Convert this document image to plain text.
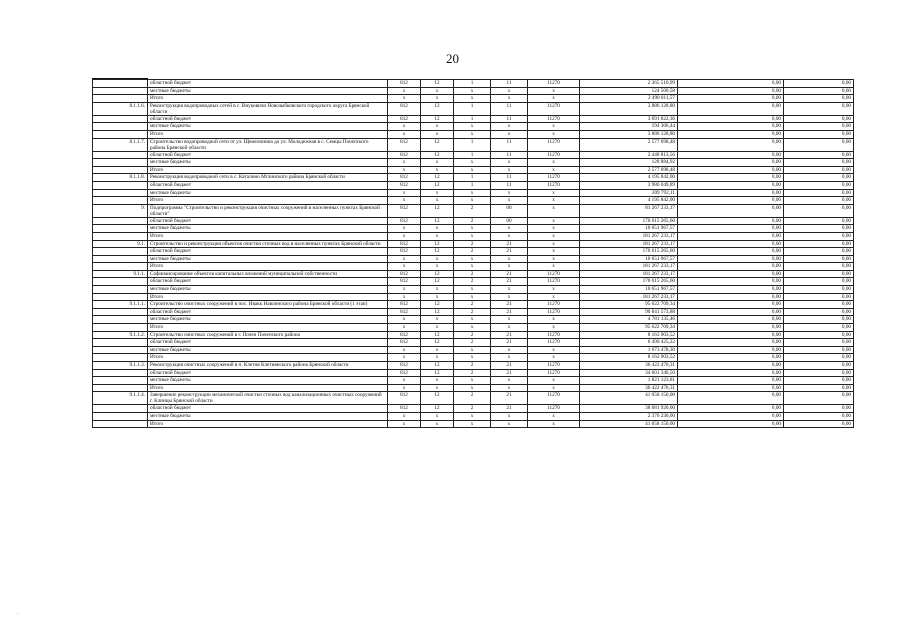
20
	областной бюджет	812	12	1	11	11270	2 365 510,99	0,00	0,00
	местные бюджеты	x	x	x	x	x	124 500,58	0,00	0,00
	Итого	x	x	x	x	x	2 490 011,57	0,00	0,00
8.1.1.6.	Реконструкция водопроводных сетей в с. Внуковичи Новозыбковского городского округа Брянской области	812	12	1	11	11270	3 886 128,80	0,00	0,00
	областной бюджет	812	12	1	11	11270	3 691 822,36	0,00	0,00
	местные бюджеты	x	x	x	x	x	194 306,44	0,00	0,00
	Итого	x	x	x	x	x	3 886 128,80	0,00	0,00
8.1.1.7.	Строительство водопроводной сети от ул. Щемелинина до ул. Молодежная в с. Семцы Почепского района Брянской области	812	12	1	11	11270	2 577 698,48	0,00	0,00
	областной бюджет	812	12	1	11	11270	2 448 813,56	0,00	0,00
	местные бюджеты	x	x	x	x	x	128 884,92	0,00	0,00
	Итого	x	x	x	x	x	2 577 698,48	0,00	0,00
8.1.1.8.	Реконструкция водопроводной сети в с. Каталино Мглинского района Брянской области	812	12	1	11	11270	4 195 842,00	0,00	0,00
	областной бюджет	812	12	1	11	11270	3 986 049,89	0,00	0,00
	местные бюджеты	x	x	x	x	x	209 792,11	0,00	0,00
	Итого	x	x	x	x	x	4 195 842,00	0,00	0,00
9.	Подпрограмма "Строительство и реконструкция очистных сооружений в населенных пунктах Брянской области"	812	12	2	00	x	81 267 233,17	0,00	0,00
	областной бюджет	812	12	2	00	x	170 615 265,60	0,00	0,00
	местные бюджеты	x	x	x	x	x	10 651 967,57	0,00	0,00
	Итого	x	x	x	x	x	181 267 233,17	0,00	0,00
9.1.	Строительство и реконструкция объектов очистки сточных вод в населенных пунктах Брянской области	812	12	2	21	x	181 267 233,17	0,00	0,00
	областной бюджет	812	12	2	21	x	170 615 265,60	0,00	0,00
	местные бюджеты	x	x	x	x	x	10 651 967,57	0,00	0,00
	Итого	x	x	x	x	x	181 267 233,17	0,00	0,00
9.1.1.	Софинансирование объектов капитальных вложений муниципальной собственности	812	12	2	21	11270	181 267 233,17	0,00	0,00
	областной бюджет	812	12	2	21	11270	170 615 265,60	0,00	0,00
	местные бюджеты	x	x	x	x	x	10 651 967,57	0,00	0,00
	Итого	x	x	x	x	x	181 267 233,17	0,00	0,00
9.1.1.1.	Строительство очистных сооружений в пос. Ивакк Навлинского района Брянской области (1 этап)	812	12	2	21	11270	95 622 709,34	0,00	0,00
	областной бюджет	812	12	2	21	11270	90 841 573,88	0,00	0,00
	местные бюджеты	x	x	x	x	x	4 781 135,46	0,00	0,00
	Итого	x	x	x	x	x	95 622 709,34	0,00	0,00
9.1.1.2.	Строительство очистных сооружений в г. Почеп Почепского района	812	12	2	21	11270	8 163 903,52	0,00	0,00
	областной бюджет	812	12	2	21	11270	6 490 425,22	0,00	0,00
	местные бюджеты	x	x	x	x	x	1 673 478,30	0,00	0,00
	Итого	x	x	x	x	x	8 163 903,52	0,00	0,00
9.1.1.3.	Реконструкция очистных сооружений в п. Клетня Клетнянского района Брянской области	812	12	2	21	11270	36 422 470,31	0,00	0,00
	областной бюджет	812	12	2	21	11270	34 601 346,50	0,00	0,00
	местные бюджеты	x	x	x	x	x	1 821 123,81	0,00	0,00
	Итого	x	x	x	x	x	36 422 470,31	0,00	0,00
9.1.1.4.	Завершение реконструкции механической очистки сточных вод канализационных очистных сооружений г. Клинцы Брянской области	812	12	2	21	11270	41 058 150,00	0,00	0,00
	областной бюджет	812	12	2	21	11270	38 681 920,00	0,00	0,00
	местные бюджеты	x	x	x	x	x	2 376 230,00	0,00	0,00
	Итого	x	x	x	x	x	41 058 150,00	0,00	0,00
.
